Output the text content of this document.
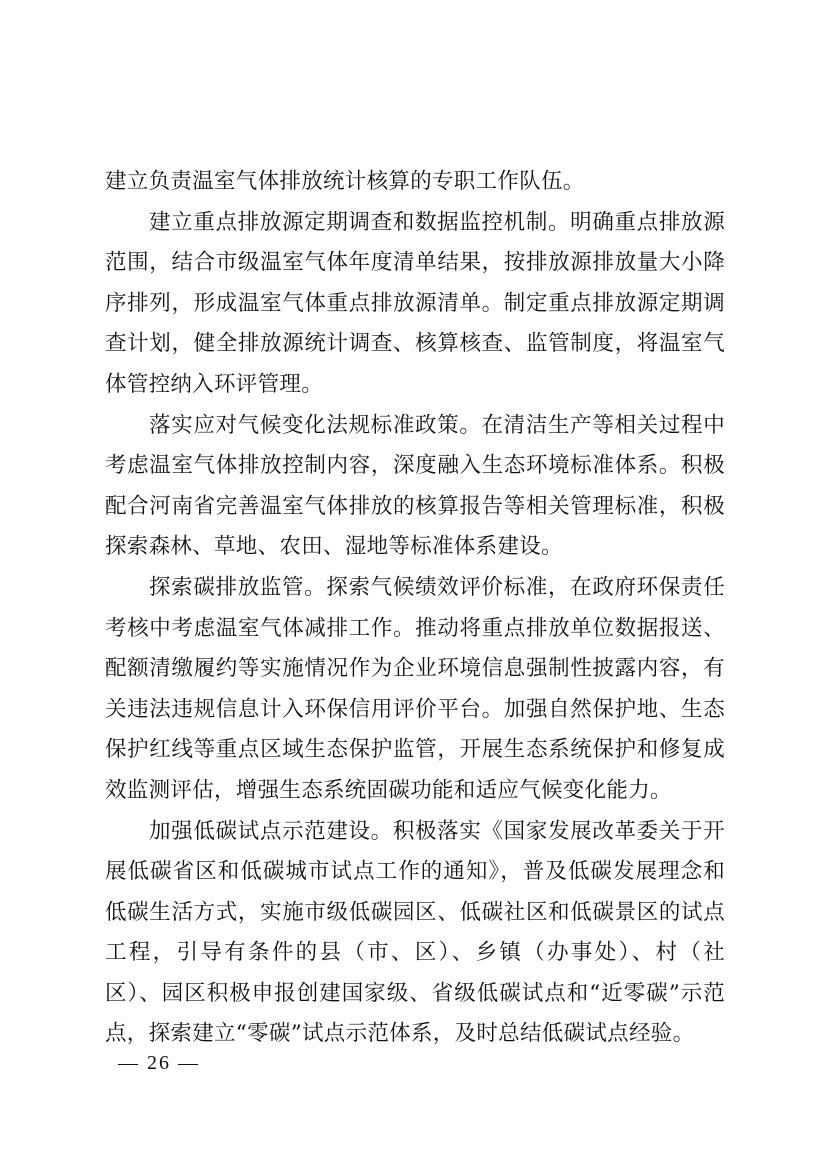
建立负责温室气体排放统计核算的专职工作队伍。

建立重点排放源定期调查和数据监控机制。明确重点排放源范围，结合市级温室气体年度清单结果，按排放源排放量大小降序排列，形成温室气体重点排放源清单。制定重点排放源定期调查计划，健全排放源统计调查、核算核查、监管制度，将温室气体管控纳入环评管理。

落实应对气候变化法规标准政策。在清洁生产等相关过程中考虑温室气体排放控制内容，深度融入生态环境标准体系。积极配合河南省完善温室气体排放的核算报告等相关管理标准，积极探索森林、草地、农田、湿地等标准体系建设。

探索碳排放监管。探索气候绩效评价标准，在政府环保责任考核中考虑温室气体减排工作。推动将重点排放单位数据报送、配额清缴履约等实施情况作为企业环境信息强制性披露内容，有关违法违规信息计入环保信用评价平台。加强自然保护地、生态保护红线等重点区域生态保护监管，开展生态系统保护和修复成效监测评估，增强生态系统固碳功能和适应气候变化能力。

加强低碳试点示范建设。积极落实《国家发展改革委关于开展低碳省区和低碳城市试点工作的通知》，普及低碳发展理念和低碳生活方式，实施市级低碳园区、低碳社区和低碳景区的试点工程，引导有条件的县（市、区）、乡镇（办事处）、村（社区）、园区积极申报创建国家级、省级低碳试点和“近零碳”示范点，探索建立“零碳”试点示范体系，及时总结低碳试点经验。

— 26 —
